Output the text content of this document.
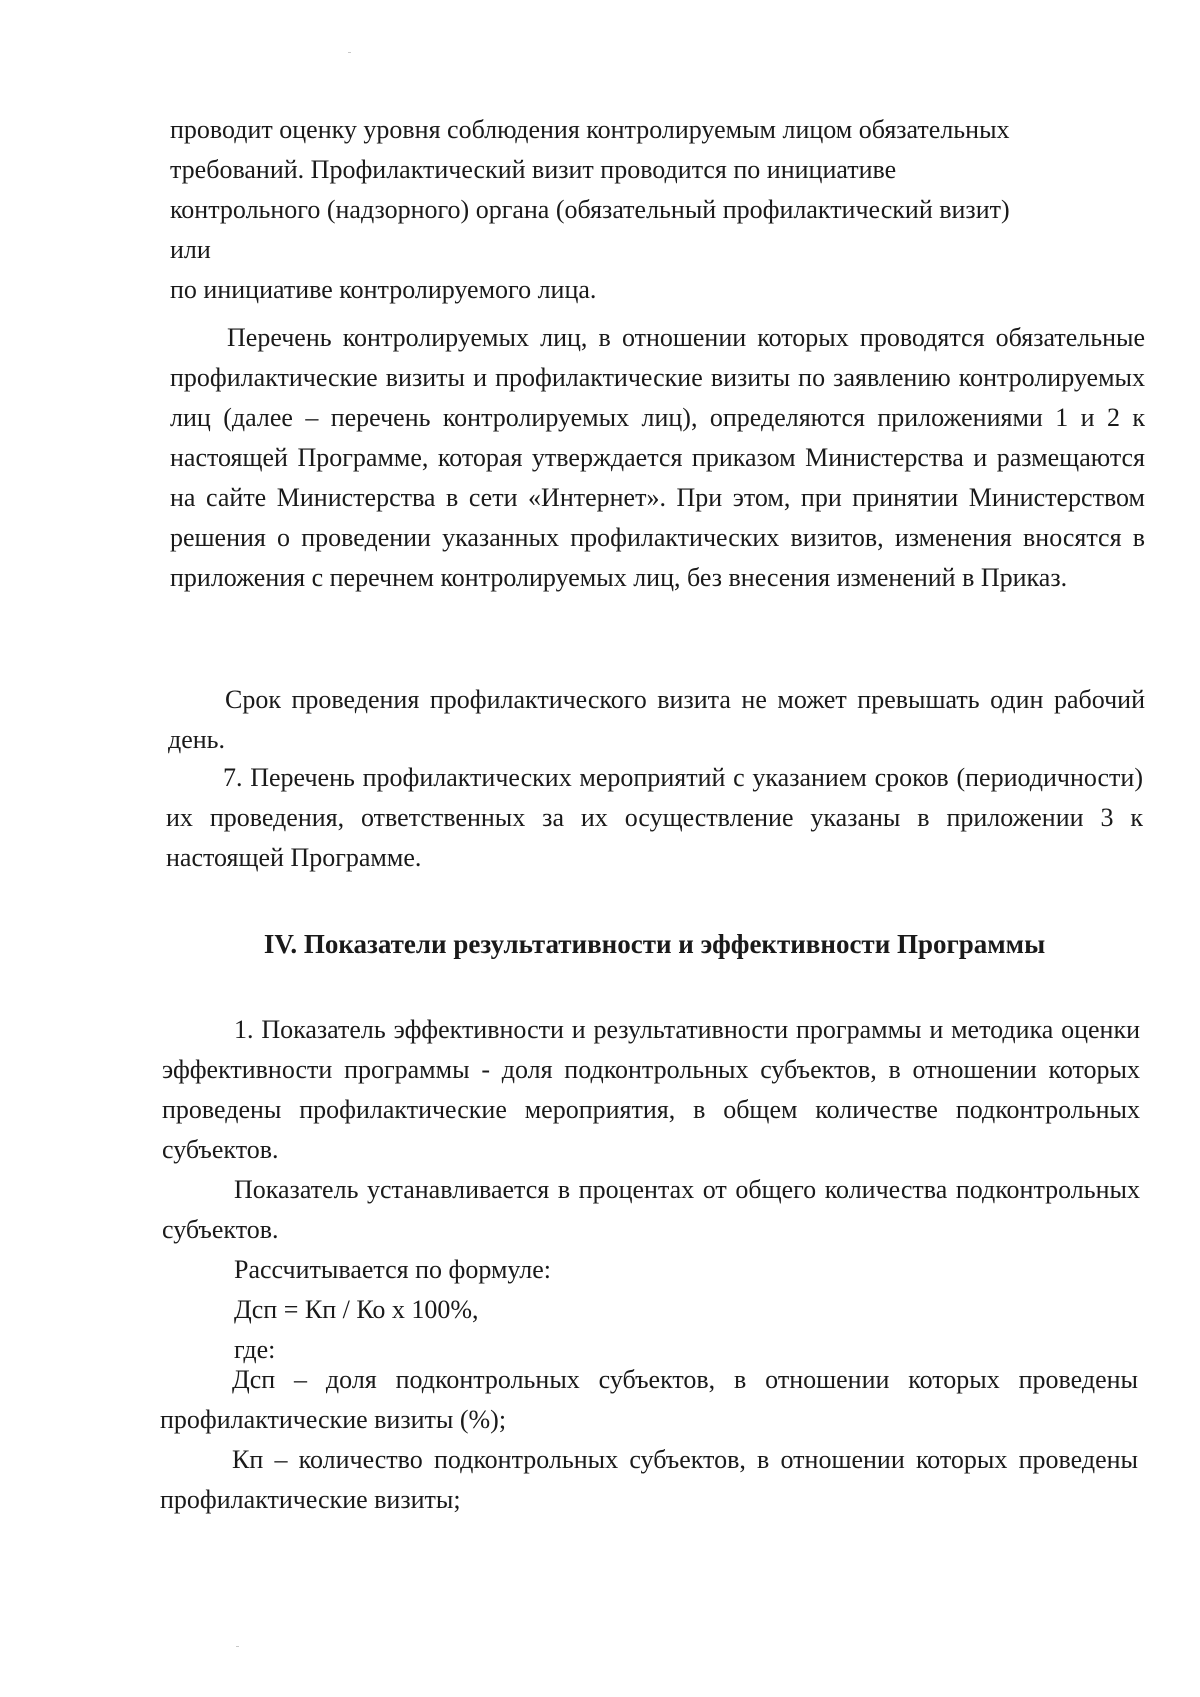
проводит оценку уровня соблюдения контролируемым лицом обязательных

требований. Профилактический визит проводится по инициативе

контрольного (надзорного) органа (обязательный профилактический визит)

или

по инициативе контролируемого лица.

Перечень контролируемых лиц, в отношении которых проводятся обязательные профилактические визиты и профилактические визиты по заявлению контролируемых лиц (далее – перечень контролируемых лиц), определяются приложениями 1 и 2 к настоящей Программе, которая утверждается приказом Министерства и размещаются на сайте Министерства в сети «Интернет». При этом, при принятии Министерством решения о проведении указанных профилактических визитов, изменения вносятся в приложения с перечнем контролируемых лиц, без внесения изменений в Приказ.

Срок проведения профилактического визита не может превышать один рабочий день.

7. Перечень профилактических мероприятий с указанием сроков (периодичности) их проведения, ответственных за их осуществление указаны в приложении 3 к настоящей Программе.

IV. Показатели результативности и эффективности Программы

1. Показатель эффективности и результативности программы и методика оценки эффективности программы - доля подконтрольных субъектов, в отношении которых проведены профилактические мероприятия, в общем количестве подконтрольных субъектов.

Показатель устанавливается в процентах от общего количества подконтрольных субъектов.

Рассчитывается по формуле:

Дсп = Кп / Ко х 100%,

где:

Дсп – доля подконтрольных субъектов, в отношении которых проведены профилактические визиты (%);

Кп – количество подконтрольных субъектов, в отношении которых проведены профилактические визиты;
